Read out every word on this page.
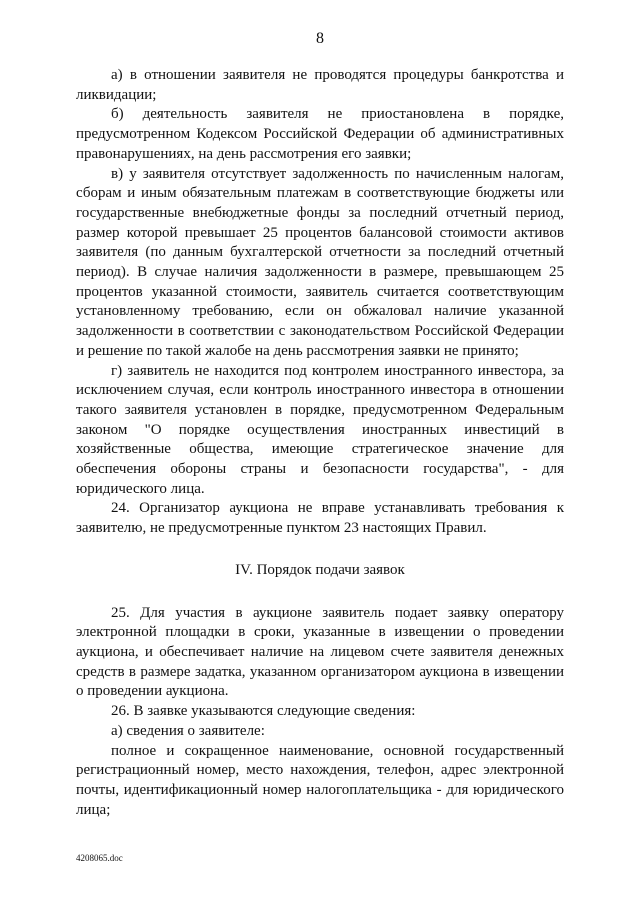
8

а) в отношении заявителя не проводятся процедуры банкротства и ликвидации;

б) деятельность заявителя не приостановлена в порядке, предусмотренном Кодексом Российской Федерации об административных правонарушениях, на день рассмотрения его заявки;

в) у заявителя отсутствует задолженность по начисленным налогам, сборам и иным обязательным платежам в соответствующие бюджеты или государственные внебюджетные фонды за последний отчетный период, размер которой превышает 25 процентов балансовой стоимости активов заявителя (по данным бухгалтерской отчетности за последний отчетный период). В случае наличия задолженности в размере, превышающем 25 процентов указанной стоимости, заявитель считается соответствующим установленному требованию, если он обжаловал наличие указанной задолженности в соответствии с законодательством Российской Федерации и решение по такой жалобе на день рассмотрения заявки не принято;

г) заявитель не находится под контролем иностранного инвестора, за исключением случая, если контроль иностранного инвестора в отношении такого заявителя установлен в порядке, предусмотренном Федеральным законом "О порядке осуществления иностранных инвестиций в хозяйственные общества, имеющие стратегическое значение для обеспечения обороны страны и безопасности государства", - для юридического лица.

24. Организатор аукциона не вправе устанавливать требования к заявителю, не предусмотренные пунктом 23 настоящих Правил.

IV. Порядок подачи заявок

25. Для участия в аукционе заявитель подает заявку оператору электронной площадки в сроки, указанные в извещении о проведении аукциона, и обеспечивает наличие на лицевом счете заявителя денежных средств в размере задатка, указанном организатором аукциона в извещении о проведении аукциона.

26. В заявке указываются следующие сведения:

а) сведения о заявителе:

полное и сокращенное наименование, основной государственный регистрационный номер, место нахождения, телефон, адрес электронной почты, идентификационный номер налогоплательщика - для юридического лица;

4208065.doc
